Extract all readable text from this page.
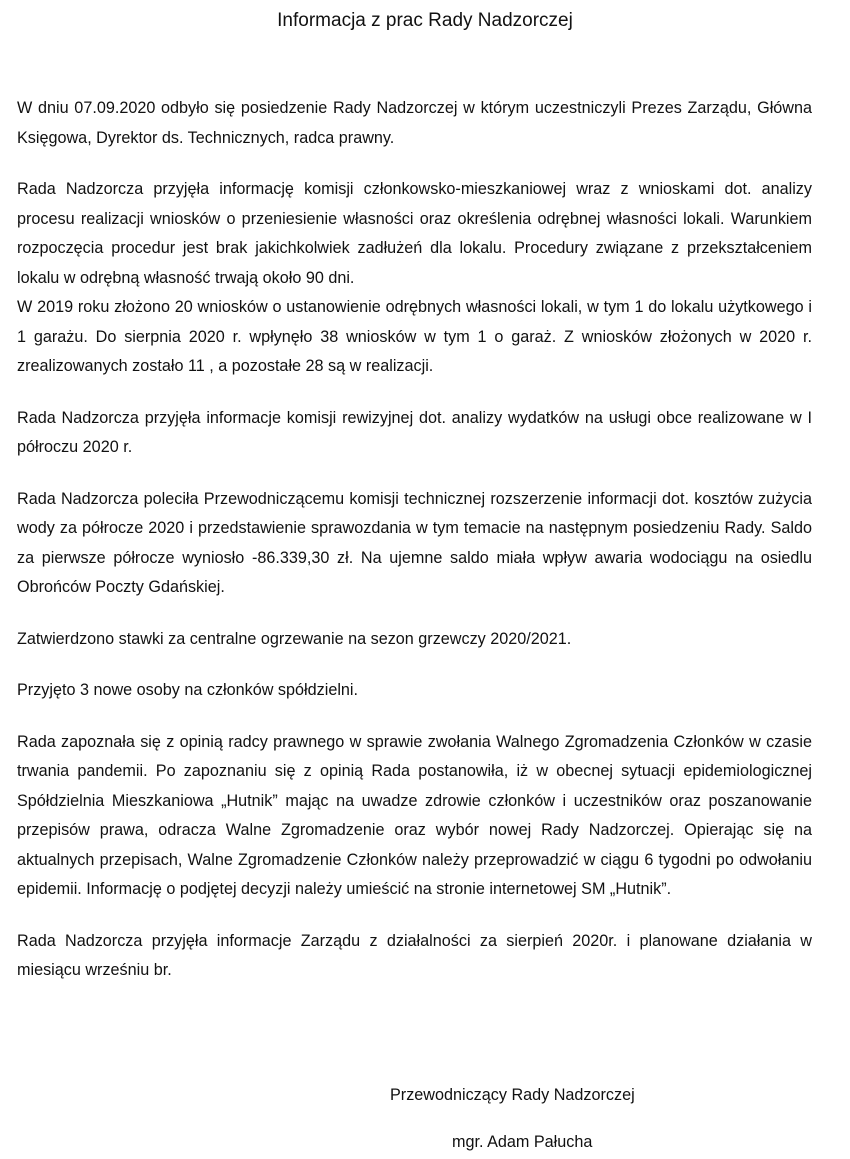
Informacja z prac Rady Nadzorczej

W dniu 07.09.2020 odbyło się posiedzenie Rady Nadzorczej w którym uczestniczyli Prezes Zarządu, Główna Księgowa, Dyrektor ds. Technicznych, radca prawny.

Rada Nadzorcza przyjęła informację komisji członkowsko-mieszkaniowej wraz z wnioskami dot. analizy procesu realizacji wniosków o przeniesienie własności oraz określenia odrębnej własności lokali. Warunkiem rozpoczęcia procedur jest brak jakichkolwiek zadłużeń dla lokalu. Procedury związane z przekształceniem lokalu w odrębną własność trwają około 90 dni.

W 2019 roku złożono 20 wniosków o ustanowienie odrębnych własności lokali, w tym 1 do lokalu użytkowego i 1 garażu. Do sierpnia 2020 r. wpłynęło 38 wniosków w tym 1 o garaż. Z wniosków złożonych w 2020 r. zrealizowanych zostało 11 , a pozostałe 28 są w realizacji.

Rada Nadzorcza przyjęła informacje komisji rewizyjnej dot. analizy wydatków na usługi obce realizowane w I półroczu 2020 r.

Rada Nadzorcza poleciła Przewodniczącemu komisji technicznej rozszerzenie informacji dot. kosztów zużycia wody za półrocze 2020 i przedstawienie sprawozdania w tym temacie na następnym posiedzeniu Rady. Saldo za pierwsze półrocze wyniosło -86.339,30 zł. Na ujemne saldo miała wpływ awaria wodociągu na osiedlu Obrońców Poczty Gdańskiej.

Zatwierdzono stawki za centralne ogrzewanie na sezon grzewczy 2020/2021.

Przyjęto 3 nowe osoby na członków spółdzielni.

Rada zapoznała się z opinią radcy prawnego w sprawie zwołania Walnego Zgromadzenia Członków w czasie trwania pandemii. Po zapoznaniu się z opinią Rada postanowiła, iż w obecnej sytuacji epidemiologicznej Spółdzielnia Mieszkaniowa „Hutnik” mając na uwadze zdrowie członków i uczestników oraz poszanowanie przepisów prawa, odracza Walne Zgromadzenie oraz wybór nowej Rady Nadzorczej. Opierając się na aktualnych przepisach, Walne Zgromadzenie Członków należy przeprowadzić w ciągu 6 tygodni po odwołaniu epidemii. Informację o podjętej decyzji należy umieścić na stronie internetowej SM „Hutnik”.

Rada Nadzorcza przyjęła informacje Zarządu z działalności za sierpień 2020r. i planowane działania w miesiącu wrześniu br.

Przewodniczący Rady Nadzorczej
mgr. Adam Pałucha
